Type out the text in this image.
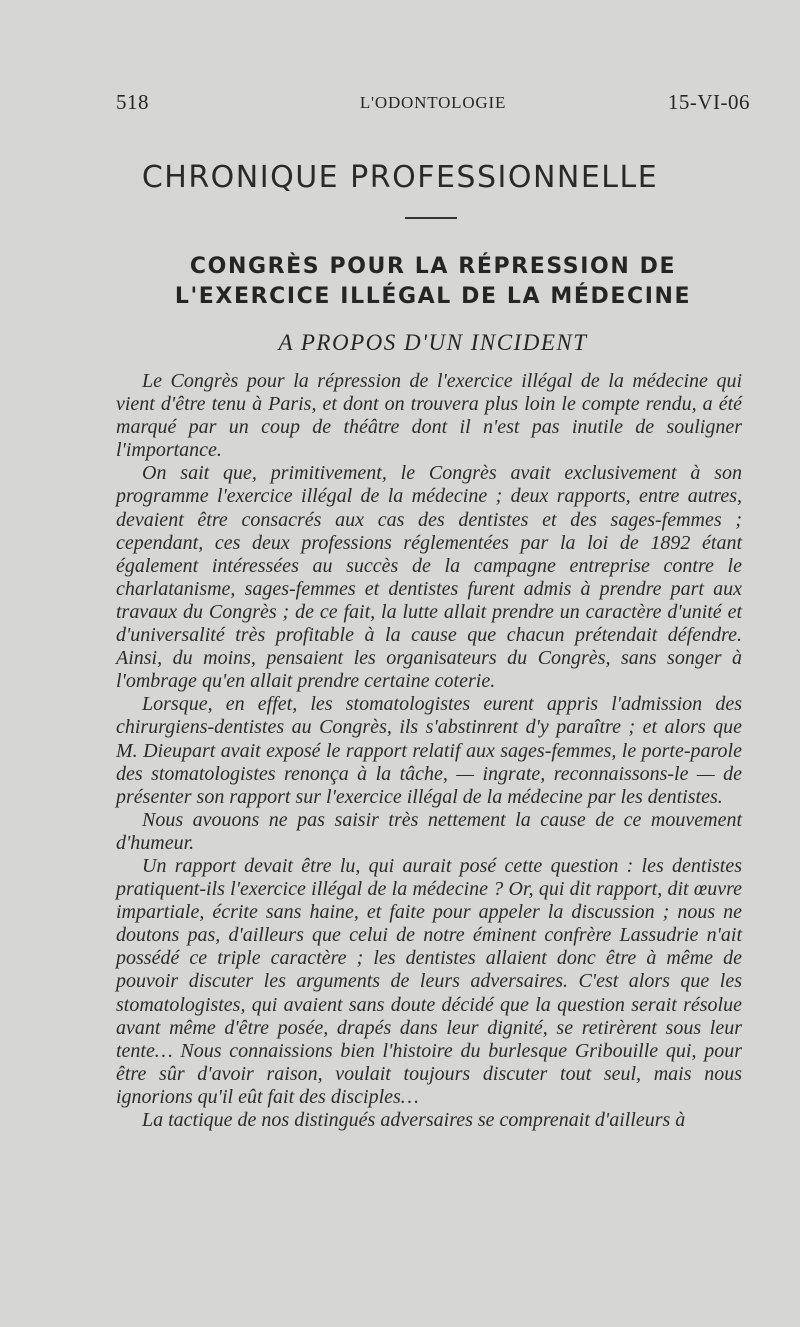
518	L'ODONTOLOGIE	15-VI-06
CHRONIQUE PROFESSIONNELLE
CONGRÈS POUR LA RÉPRESSION DE
L'EXERCICE ILLÉGAL DE LA MÉDECINE
A PROPOS D'UN INCIDENT

Le Congrès pour la répression de l'exercice illégal de la médecine qui vient d'être tenu à Paris, et dont on trouvera plus loin le compte rendu, a été marqué par un coup de théâtre dont il n'est pas inutile de souligner l'importance.

On sait que, primitivement, le Congrès avait exclusivement à son programme l'exercice illégal de la médecine ; deux rapports, entre autres, devaient être consacrés aux cas des dentistes et des sages-femmes ; cependant, ces deux professions réglementées par la loi de 1892 étant également intéressées au succès de la campagne entreprise contre le charlatanisme, sages-femmes et dentistes furent admis à prendre part aux travaux du Congrès ; de ce fait, la lutte allait prendre un caractère d'unité et d'universalité très profitable à la cause que chacun prétendait défendre. Ainsi, du moins, pensaient les organisateurs du Congrès, sans songer à l'ombrage qu'en allait prendre certaine coterie.

Lorsque, en effet, les stomatologistes eurent appris l'admission des chirurgiens-dentistes au Congrès, ils s'abstinrent d'y paraître ; et alors que M. Dieupart avait exposé le rapport relatif aux sages-femmes, le porte-parole des stomatologistes renonça à la tâche, — ingrate, reconnaissons-le — de présenter son rapport sur l'exercice illégal de la médecine par les dentistes.

Nous avouons ne pas saisir très nettement la cause de ce mouvement d'humeur.

Un rapport devait être lu, qui aurait posé cette question : les dentistes pratiquent-ils l'exercice illégal de la médecine ? Or, qui dit rapport, dit œuvre impartiale, écrite sans haine, et faite pour appeler la discussion ; nous ne doutons pas, d'ailleurs que celui de notre éminent confrère Lassudrie n'ait possédé ce triple caractère ; les dentistes allaient donc être à même de pouvoir discuter les arguments de leurs adversaires. C'est alors que les stomatologistes, qui avaient sans doute décidé que la question serait résolue avant même d'être posée, drapés dans leur dignité, se retirèrent sous leur tente… Nous connaissions bien l'histoire du burlesque Gribouille qui, pour être sûr d'avoir raison, voulait toujours discuter tout seul, mais nous ignorions qu'il eût fait des disciples…

La tactique de nos distingués adversaires se comprenait d'ailleurs à
